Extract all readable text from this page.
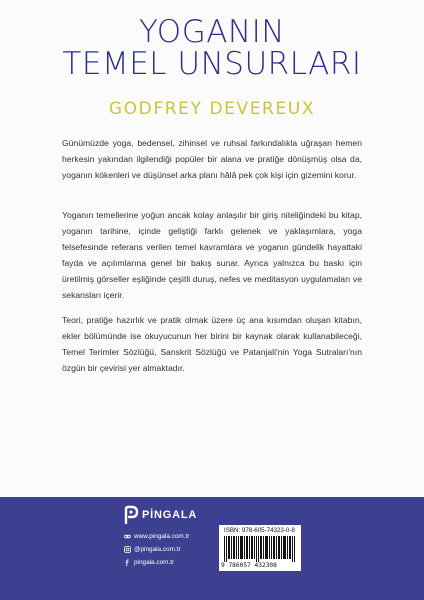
YOGANIN
TEMEL UNSURLARI
GODFREY DEVEREUX

Günümüzde yoga, bedensel, zihinsel ve ruhsal farkındalıkla uğraşan hemen herkesin yakından ilgilendiği popüler bir alana ve pratiğe dönüşmüş olsa da, yoganın kökenleri ve düşünsel arka planı hâlâ pek çok kişi için gizemini korur.

Yoganın temellerine yoğun ancak kolay anlaşılır bir giriş niteliğindeki bu kitap, yoganın tarihine, içinde geliştiği farklı gelenek ve yaklaşımlara, yoga felsefesinde referans verilen temel kavramlara ve yoganın gündelik hayattaki fayda ve açılımlarına genel bir bakış sunar. Ayrıca yalnızca bu baskı için üretilmiş görseller eşliğinde çeşitli duruş, nefes ve meditasyon uygulamaları ve sekansları içerir.

Teori, pratiğe hazırlık ve pratik olmak üzere üç ana kısımdan oluşan kitabın, ekler bölümünde ise okuyucunun her birini bir kaynak olarak kullanabileceği, Temel Terimler Sözlüğü, Sanskrit Sözlüğü ve Patanjali'nin Yoga Sutraları'nın özgün bir çevirisi yer almaktadır.

PİNGALA
www.pingala.com.tr
@pingala.com.tr
pingala.com.tr
ISBN: 978-605-74323-0-8
9 786057 432308
